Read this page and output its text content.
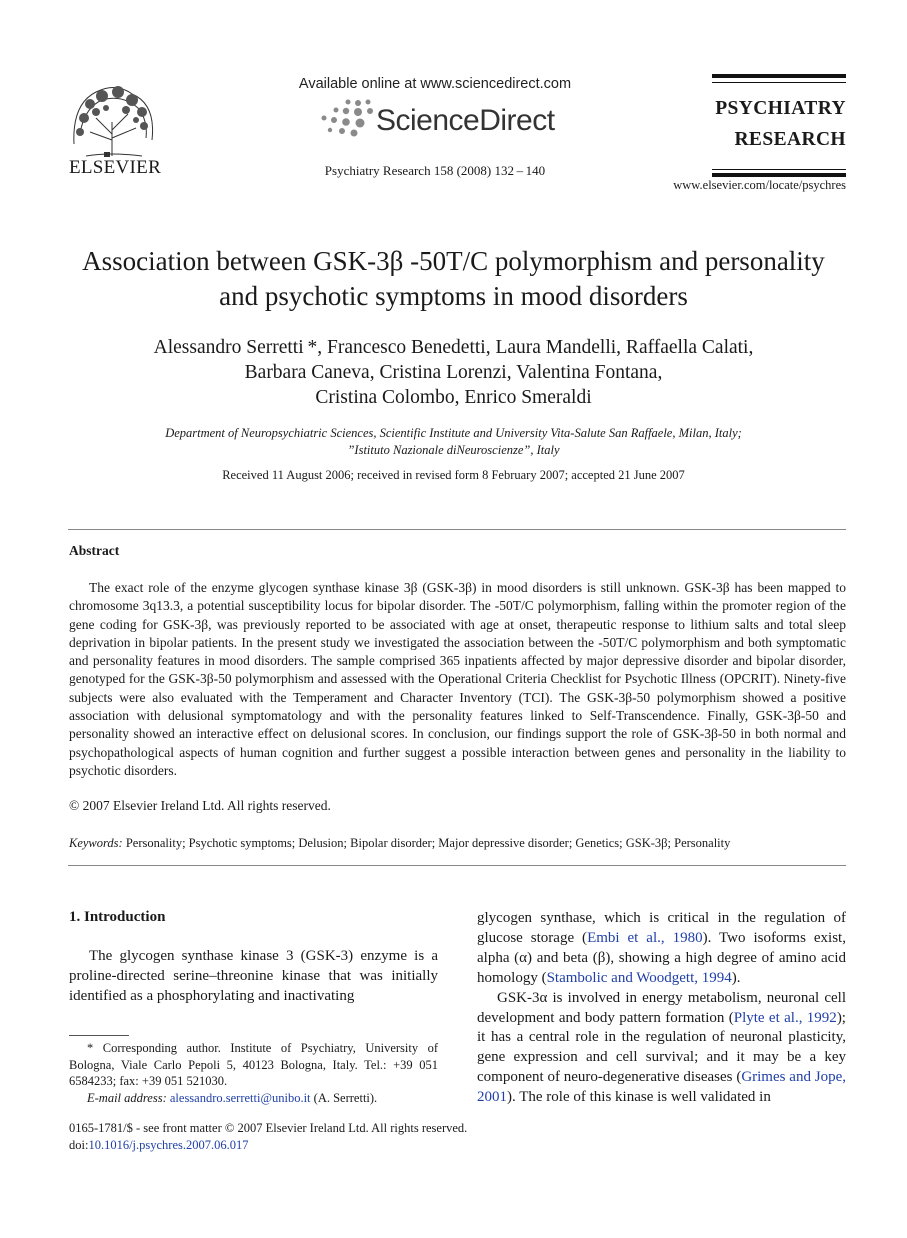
ELSEVIER
Available online at www.sciencedirect.com
ScienceDirect
Psychiatry Research 158 (2008) 132 – 140
PSYCHIATRY
RESEARCH
www.elsevier.com/locate/psychres
Association between GSK-3β -50T/C polymorphism and personality
and psychotic symptoms in mood disorders
Alessandro Serretti *, Francesco Benedetti, Laura Mandelli, Raffaella Calati,
Barbara Caneva, Cristina Lorenzi, Valentina Fontana,
Cristina Colombo, Enrico Smeraldi
Department of Neuropsychiatric Sciences, Scientific Institute and University Vita-Salute San Raffaele, Milan, Italy;
”Istituto Nazionale diNeuroscienze”, Italy
Received 11 August 2006; received in revised form 8 February 2007; accepted 21 June 2007
Abstract
The exact role of the enzyme glycogen synthase kinase 3β (GSK-3β) in mood disorders is still unknown. GSK-3β has been mapped to chromosome 3q13.3, a potential susceptibility locus for bipolar disorder. The -50T/C polymorphism, falling within the promoter region of the gene coding for GSK-3β, was previously reported to be associated with age at onset, therapeutic response to lithium salts and total sleep deprivation in bipolar patients. In the present study we investigated the association between the -50T/C polymorphism and both symptomatic and personality features in mood disorders. The sample comprised 365 inpatients affected by major depressive disorder and bipolar disorder, genotyped for the GSK-3β-50 polymorphism and assessed with the Operational Criteria Checklist for Psychotic Illness (OPCRIT). Ninety-five subjects were also evaluated with the Temperament and Character Inventory (TCI). The GSK-3β-50 polymorphism showed a positive association with delusional symptomatology and with the personality features linked to Self-Transcendence. Finally, GSK-3β-50 and personality showed an interactive effect on delusional scores. In conclusion, our findings support the role of GSK-3β-50 in both normal and psychopathological aspects of human cognition and further suggest a possible interaction between genes and personality in the liability to psychotic disorders.
© 2007 Elsevier Ireland Ltd. All rights reserved.
Keywords: Personality; Psychotic symptoms; Delusion; Bipolar disorder; Major depressive disorder; Genetics; GSK-3β; Personality
1. Introduction
The glycogen synthase kinase 3 (GSK-3) enzyme is a proline-directed serine–threonine kinase that was initially identified as a phosphorylating and inactivating

glycogen synthase, which is critical in the regulation of glucose storage (Embi et al., 1980). Two isoforms exist, alpha (α) and beta (β), showing a high degree of amino acid homology (Stambolic and Woodgett, 1994).

GSK-3α is involved in energy metabolism, neuronal cell development and body pattern formation (Plyte et al., 1992); it has a central role in the regulation of neuronal plasticity, gene expression and cell survival; and it may be a key component of neuro-degenerative diseases (Grimes and Jope, 2001). The role of this kinase is well validated in

* Corresponding author. Institute of Psychiatry, University of Bologna, Viale Carlo Pepoli 5, 40123 Bologna, Italy. Tel.: +39 051 6584233; fax: +39 051 521030.
E-mail address: alessandro.serretti@unibo.it (A. Serretti).
0165-1781/$ - see front matter © 2007 Elsevier Ireland Ltd. All rights reserved.
doi:10.1016/j.psychres.2007.06.017
